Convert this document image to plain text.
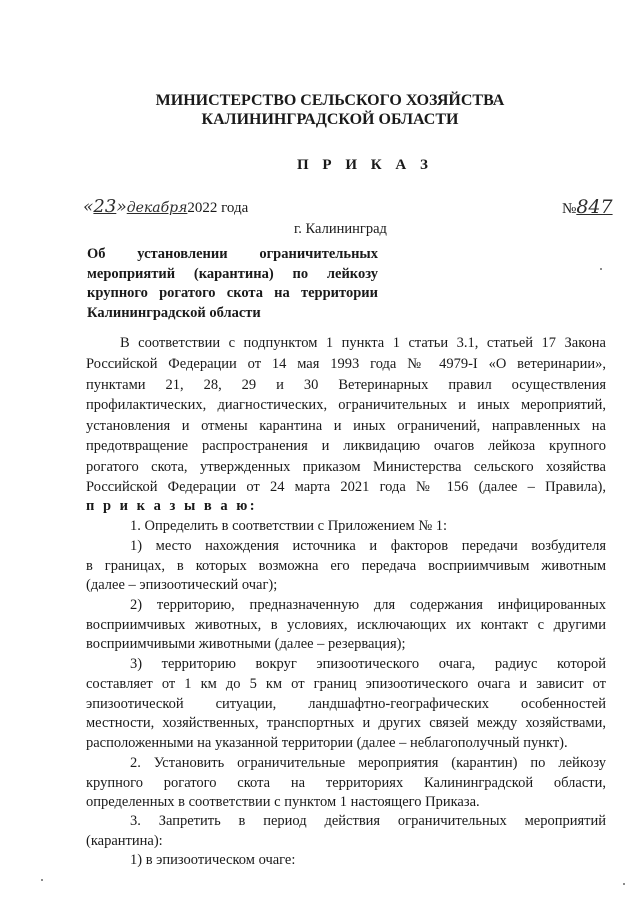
МИНИСТЕРСТВО СЕЛЬСКОГО ХОЗЯЙСТВА
КАЛИНИНГРАДСКОЙ ОБЛАСТИ
П Р И К А З
«23»декабря2022 года	№847
г. Калининград
Об установлении ограничительных
мероприятий (карантина) по лейкозу
крупного рогатого скота на территории
Калининградской области
В соответствии с подпунктом 1 пункта 1 статьи 3.1, статьей 17 Закона
Российской Федерации от 14 мая 1993 года № 4979-I «О ветеринарии»,
пунктами 21, 28, 29 и 30 Ветеринарных правил осуществления
профилактических, диагностических, ограничительных и иных мероприятий,
установления и отмены карантина и иных ограничений, направленных на
предотвращение распространения и ликвидацию очагов лейкоза крупного
рогатого скота, утвержденных приказом Министерства сельского хозяйства
Российской Федерации от 24 марта 2021 года № 156 (далее – Правила),
п р и к а з ы в а ю:
1. Определить в соответствии с Приложением № 1:
1) место нахождения источника и факторов передачи возбудителя
в границах, в которых возможна его передача восприимчивым животным
(далее – эпизоотический очаг);
2) территорию, предназначенную для содержания инфицированных
восприимчивых животных, в условиях, исключающих их контакт с другими
восприимчивыми животными (далее – резервация);
3) территорию вокруг эпизоотического очага, радиус которой
составляет от 1 км до 5 км от границ эпизоотического очага и зависит от
эпизоотической ситуации, ландшафтно-географических особенностей
местности, хозяйственных, транспортных и других связей между хозяйствами,
расположенными на указанной территории (далее – неблагополучный пункт).
2. Установить ограничительные мероприятия (карантин) по лейкозу
крупного рогатого скота на территориях Калининградской области,
определенных в соответствии с пунктом 1 настоящего Приказа.
3. Запретить в период действия ограничительных мероприятий
(карантина):
1) в эпизоотическом очаге:
